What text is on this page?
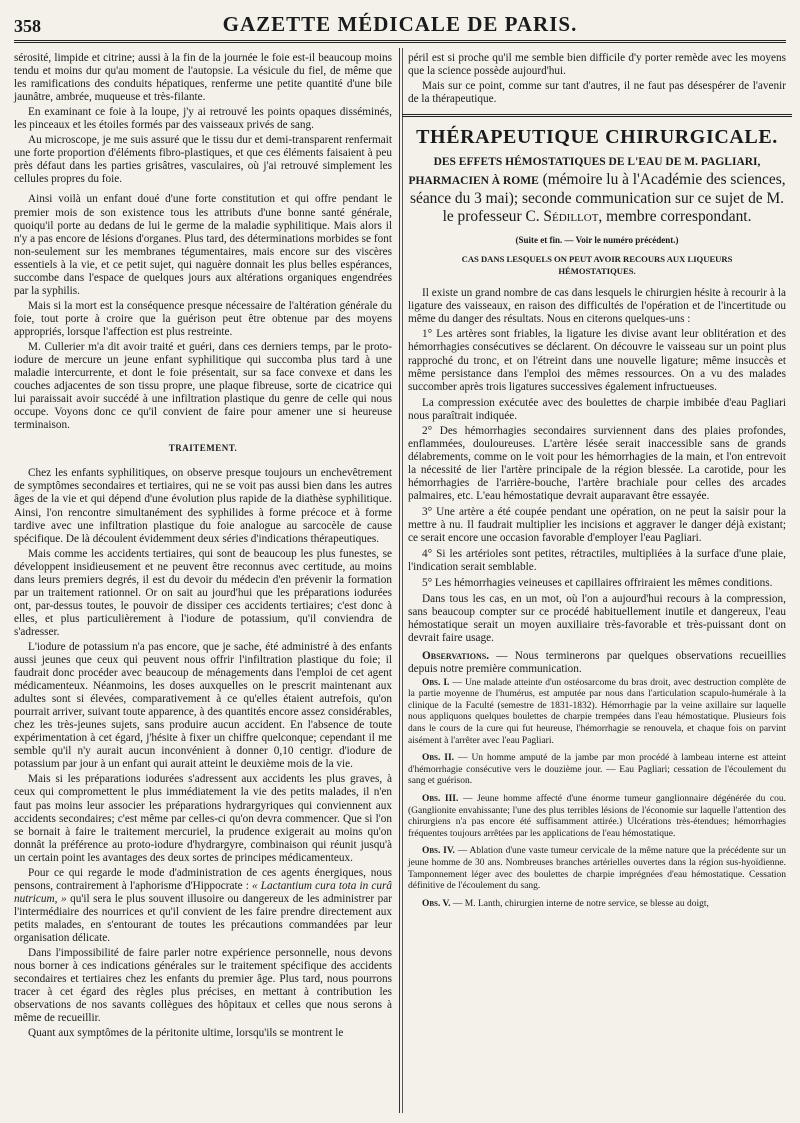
358	GAZETTE MÉDICALE DE PARIS.

sérosité, limpide et citrine; aussi à la fin de la journée le foie est-il beaucoup moins tendu et moins dur qu'au moment de l'autopsie. La vésicule du fiel, de même que les ramifications des conduits hépatiques, renferme une petite quantité d'une bile jaunâtre, ambrée, muqueuse et très-filante.

En examinant ce foie à la loupe, j'y ai retrouvé les points opaques disséminés, les pinceaux et les étoiles formés par des vaisseaux privés de sang.

Au microscope, je me suis assuré que le tissu dur et demi-transparent renfermait une forte proportion d'éléments fibro-plastiques, et que ces éléments faisaient à peu près défaut dans les parties grisâtres, vasculaires, où j'ai retrouvé simplement les cellules propres du foie.

Ainsi voilà un enfant doué d'une forte constitution et qui offre pendant le premier mois de son existence tous les attributs d'une bonne santé générale, quoiqu'il porte au dedans de lui le germe de la maladie syphilitique. Mais alors il n'y a pas encore de lésions d'organes. Plus tard, des déterminations morbides se font non-seulement sur les membranes tégumentaires, mais encore sur des viscères essentiels à la vie, et ce petit sujet, qui naguère donnait les plus belles espérances, succombe dans l'espace de quelques jours aux altérations organiques engendrées par la syphilis.

Mais si la mort est la conséquence presque nécessaire de l'altération générale du foie, tout porte à croire que la guérison peut être obtenue par des moyens appropriés, lorsque l'affection est plus restreinte.

M. Cullerier m'a dit avoir traité et guéri, dans ces derniers temps, par le proto-iodure de mercure un jeune enfant syphilitique qui succomba plus tard à une maladie intercurrente, et dont le foie présentait, sur sa face convexe et dans les couches adjacentes de son tissu propre, une plaque fibreuse, sorte de cicatrice qui lui paraissait avoir succédé à une infiltration plastique du genre de celle qui nous occupe. Voyons donc ce qu'il convient de faire pour amener une si heureuse terminaison.

TRAITEMENT.

Chez les enfants syphilitiques, on observe presque toujours un enchevêtrement de symptômes secondaires et tertiaires, qui ne se voit pas aussi bien dans les autres âges de la vie et qui dépend d'une évolution plus rapide de la diathèse syphilitique. Ainsi, l'on rencontre simultanément des syphilides à forme précoce et à forme tardive avec une infiltration plastique du foie analogue au sarcocèle de cause spécifique. De là découlent évidemment deux séries d'indications thérapeutiques.

Mais comme les accidents tertiaires, qui sont de beaucoup les plus funestes, se développent insidieusement et ne peuvent être reconnus avec certitude, au moins dans leurs premiers degrés, il est du devoir du médecin d'en prévenir la formation par un traitement rationnel. Or on sait au jourd'hui que les préparations iodurées ont, par-dessus toutes, le pouvoir de dissiper ces accidents tertiaires; c'est donc à elles, et plus particulièrement à l'iodure de potassium, qu'il conviendra de s'adresser.

L'iodure de potassium n'a pas encore, que je sache, été administré à des enfants aussi jeunes que ceux qui peuvent nous offrir l'infiltration plastique du foie; il faudrait donc procéder avec beaucoup de ménagements dans l'emploi de cet agent médicamenteux. Néanmoins, les doses auxquelles on le prescrit maintenant aux adultes sont si élevées, comparativement à ce qu'elles étaient autrefois, qu'on pourrait arriver, suivant toute apparence, à des quantités encore assez considérables, chez les très-jeunes sujets, sans produire aucun accident. En l'absence de toute expérimentation à cet égard, j'hésite à fixer un chiffre quelconque; cependant il me semble qu'il n'y aurait aucun inconvénient à donner 0,10 centigr. d'iodure de potassium par jour à un enfant qui aurait atteint le deuxième mois de la vie.

Mais si les préparations iodurées s'adressent aux accidents les plus graves, à ceux qui compromettent le plus immédiatement la vie des petits malades, il n'en faut pas moins leur associer les préparations hydrargyriques qui conviennent aux accidents secondaires; c'est même par celles-ci qu'on devra commencer. Que si l'on se bornait à faire le traitement mercuriel, la prudence exigerait au moins qu'on donnât la préférence au proto-iodure d'hydrargyre, combinaison qui réunit jusqu'à un certain point les avantages des deux sortes de principes médicamenteux.

Pour ce qui regarde le mode d'administration de ces agents énergiques, nous pensons, contrairement à l'aphorisme d'Hippocrate : « Lactantium cura tota in curâ nutricum, » qu'il sera le plus souvent illusoire ou dangereux de les administrer par l'intermédiaire des nourrices et qu'il convient de les faire prendre directement aux petits malades, en s'entourant de toutes les précautions commandées par leur organisation délicate.

Dans l'impossibilité de faire parler notre expérience personnelle, nous devons nous borner à ces indications générales sur le traitement spécifique des accidents secondaires et tertiaires chez les enfants du premier âge. Plus tard, nous pourrons tracer à cet égard des règles plus précises, en mettant à contribution les observations de nos savants collègues des hôpitaux et celles que nous serons à même de recueillir.

Quant aux symptômes de la péritonite ultime, lorsqu'ils se montrent le

péril est si proche qu'il me semble bien difficile d'y porter remède avec les moyens que la science possède aujourd'hui.

Mais sur ce point, comme sur tant d'autres, il ne faut pas désespérer de l'avenir de la thérapeutique.

THÉRAPEUTIQUE CHIRURGICALE.
DES EFFETS HÉMOSTATIQUES DE L'EAU DE M. PAGLIARI, PHARMACIEN À ROME (mémoire lu à l'Académie des sciences, séance du 3 mai); seconde communication sur ce sujet de M. le professeur C. Sédillot, membre correspondant.
(Suite et fin. — Voir le numéro précédent.)
CAS DANS LESQUELS ON PEUT AVOIR RECOURS AUX LIQUEURS HÉMOSTATIQUES.

Il existe un grand nombre de cas dans lesquels le chirurgien hésite à recourir à la ligature des vaisseaux, en raison des difficultés de l'opération et de l'incertitude ou même du danger des résultats. Nous en citerons quelques-uns :

1° Les artères sont friables, la ligature les divise avant leur oblitération et des hémorrhagies consécutives se déclarent. On découvre le vaisseau sur un point plus rapproché du tronc, et on l'étreint dans une nouvelle ligature; même insuccès et même persistance dans l'emploi des mêmes ressources. On a vu des malades succomber après trois ligatures successives également infructueuses.

La compression exécutée avec des boulettes de charpie imbibée d'eau Pagliari nous paraîtrait indiquée.

2° Des hémorrhagies secondaires surviennent dans des plaies profondes, enflammées, douloureuses. L'artère lésée serait inaccessible sans de grands délabrements, comme on le voit pour les hémorrhagies de la main, et l'on entrevoit la nécessité de lier l'artère principale de la région blessée. La carotide, pour les hémorrhagies de l'arrière-bouche, l'artère brachiale pour celles des arcades palmaires, etc. L'eau hémostatique devrait auparavant être essayée.

3° Une artère a été coupée pendant une opération, on ne peut la saisir pour la mettre à nu. Il faudrait multiplier les incisions et aggraver le danger déjà existant; ce serait encore une occasion favorable d'employer l'eau Pagliari.

4° Si les artérioles sont petites, rétractiles, multipliées à la surface d'une plaie, l'indication serait semblable.

5° Les hémorrhagies veineuses et capillaires offriraient les mêmes conditions.

Dans tous les cas, en un mot, où l'on a aujourd'hui recours à la compression, sans beaucoup compter sur ce procédé habituellement inutile et dangereux, l'eau hémostatique serait un moyen auxiliaire très-favorable et très-puissant dont on devrait faire usage.

Observations. — Nous terminerons par quelques observations recueillies depuis notre première communication.

Obs. I. — Une malade atteinte d'un ostéosarcome du bras droit, avec destruction complète de la partie moyenne de l'humérus, est amputée par nous dans l'articulation scapulo-humérale à la clinique de la Faculté (semestre de 1831-1832). Hémorrhagie par la veine axillaire sur laquelle nous appliquons quelques boulettes de charpie trempées dans l'eau hémostatique. Plusieurs fois dans le cours de la cure qui fut heureuse, l'hémorrhagie se renouvela, et chaque fois on parvint aisément à l'arrêter avec l'eau Pagliari.

Obs. II. — Un homme amputé de la jambe par mon procédé à lambeau interne est atteint d'hémorrhagie consécutive vers le douzième jour. — Eau Pagliari; cessation de l'écoulement du sang et guérison.

Obs. III. — Jeune homme affecté d'une énorme tumeur ganglionnaire dégénérée du cou. (Ganglionite envahissante; l'une des plus terribles lésions de l'économie sur laquelle l'attention des chirurgiens n'a pas encore été suffisamment attirée.) Ulcérations très-étendues; hémorrhagies fréquentes toujours arrêtées par les applications de l'eau hémostatique.

Obs. IV. — Ablation d'une vaste tumeur cervicale de la même nature que la précédente sur un jeune homme de 30 ans. Nombreuses branches artérielles ouvertes dans la région sus-hyoïdienne. Tamponnement léger avec des boulettes de charpie imprégnées d'eau hémostatique. Cessation définitive de l'écoulement du sang.

Obs. V. — M. Lanth, chirurgien interne de notre service, se blesse au doigt,
